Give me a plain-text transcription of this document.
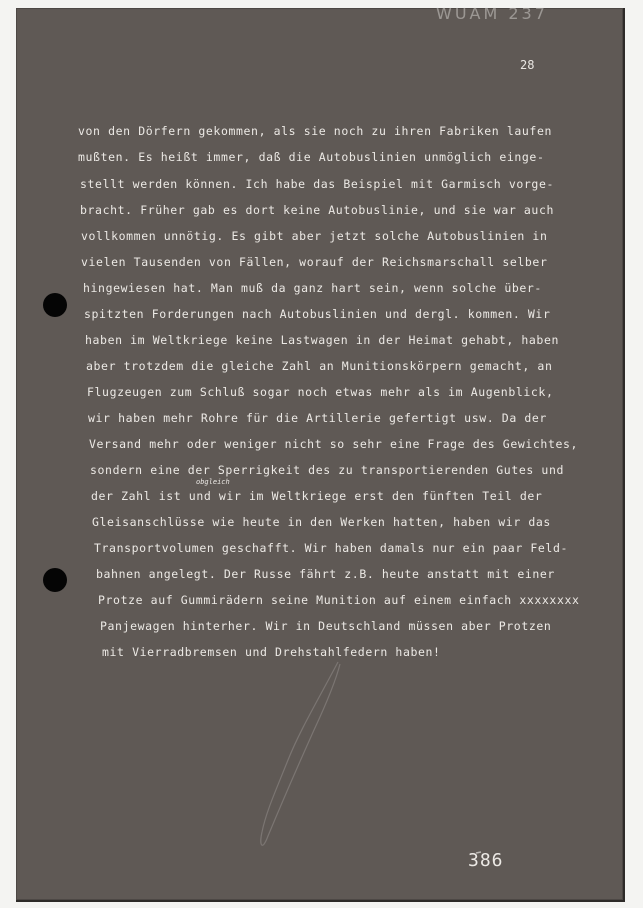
WUAM 237
28
von den Dörfern gekommen, als sie noch zu ihren Fabriken laufen
mußten. Es heißt immer, daß die Autobuslinien unmöglich einge-
stellt werden können. Ich habe das Beispiel mit Garmisch vorge-
bracht. Früher gab es dort keine Autobuslinie, und sie war auch
vollkommen unnötig. Es gibt aber jetzt solche Autobuslinien in
vielen Tausenden von Fällen, worauf der Reichsmarschall selber
hingewiesen hat. Man muß da ganz hart sein, wenn solche über-
spitzten Forderungen nach Autobuslinien und dergl. kommen. Wir
haben im Weltkriege keine Lastwagen in der Heimat gehabt, haben
aber trotzdem die gleiche Zahl an Munitionskörpern gemacht, an
Flugzeugen zum Schluß sogar noch etwas mehr als im Augenblick,
wir haben mehr Rohre für die Artillerie gefertigt usw. Da der
Versand mehr oder weniger nicht so sehr eine Frage des Gewichtes,
sondern eine der Sperrigkeit des zu transportierenden Gutes und
der Zahl ist und wir im Weltkriege erst den fünften Teil der
Gleisanschlüsse wie heute in den Werken hatten, haben wir das
Transportvolumen geschafft. Wir haben damals nur ein paar Feld-
bahnen angelegt. Der Russe fährt z.B. heute anstatt mit einer
Protze auf Gummirädern seine Munition auf einem einfach xxxxxxxx
Panjewagen hinterher. Wir in Deutschland müssen aber Protzen
mit Vierradbremsen und Drehstahlfedern haben!
obgleich
386
